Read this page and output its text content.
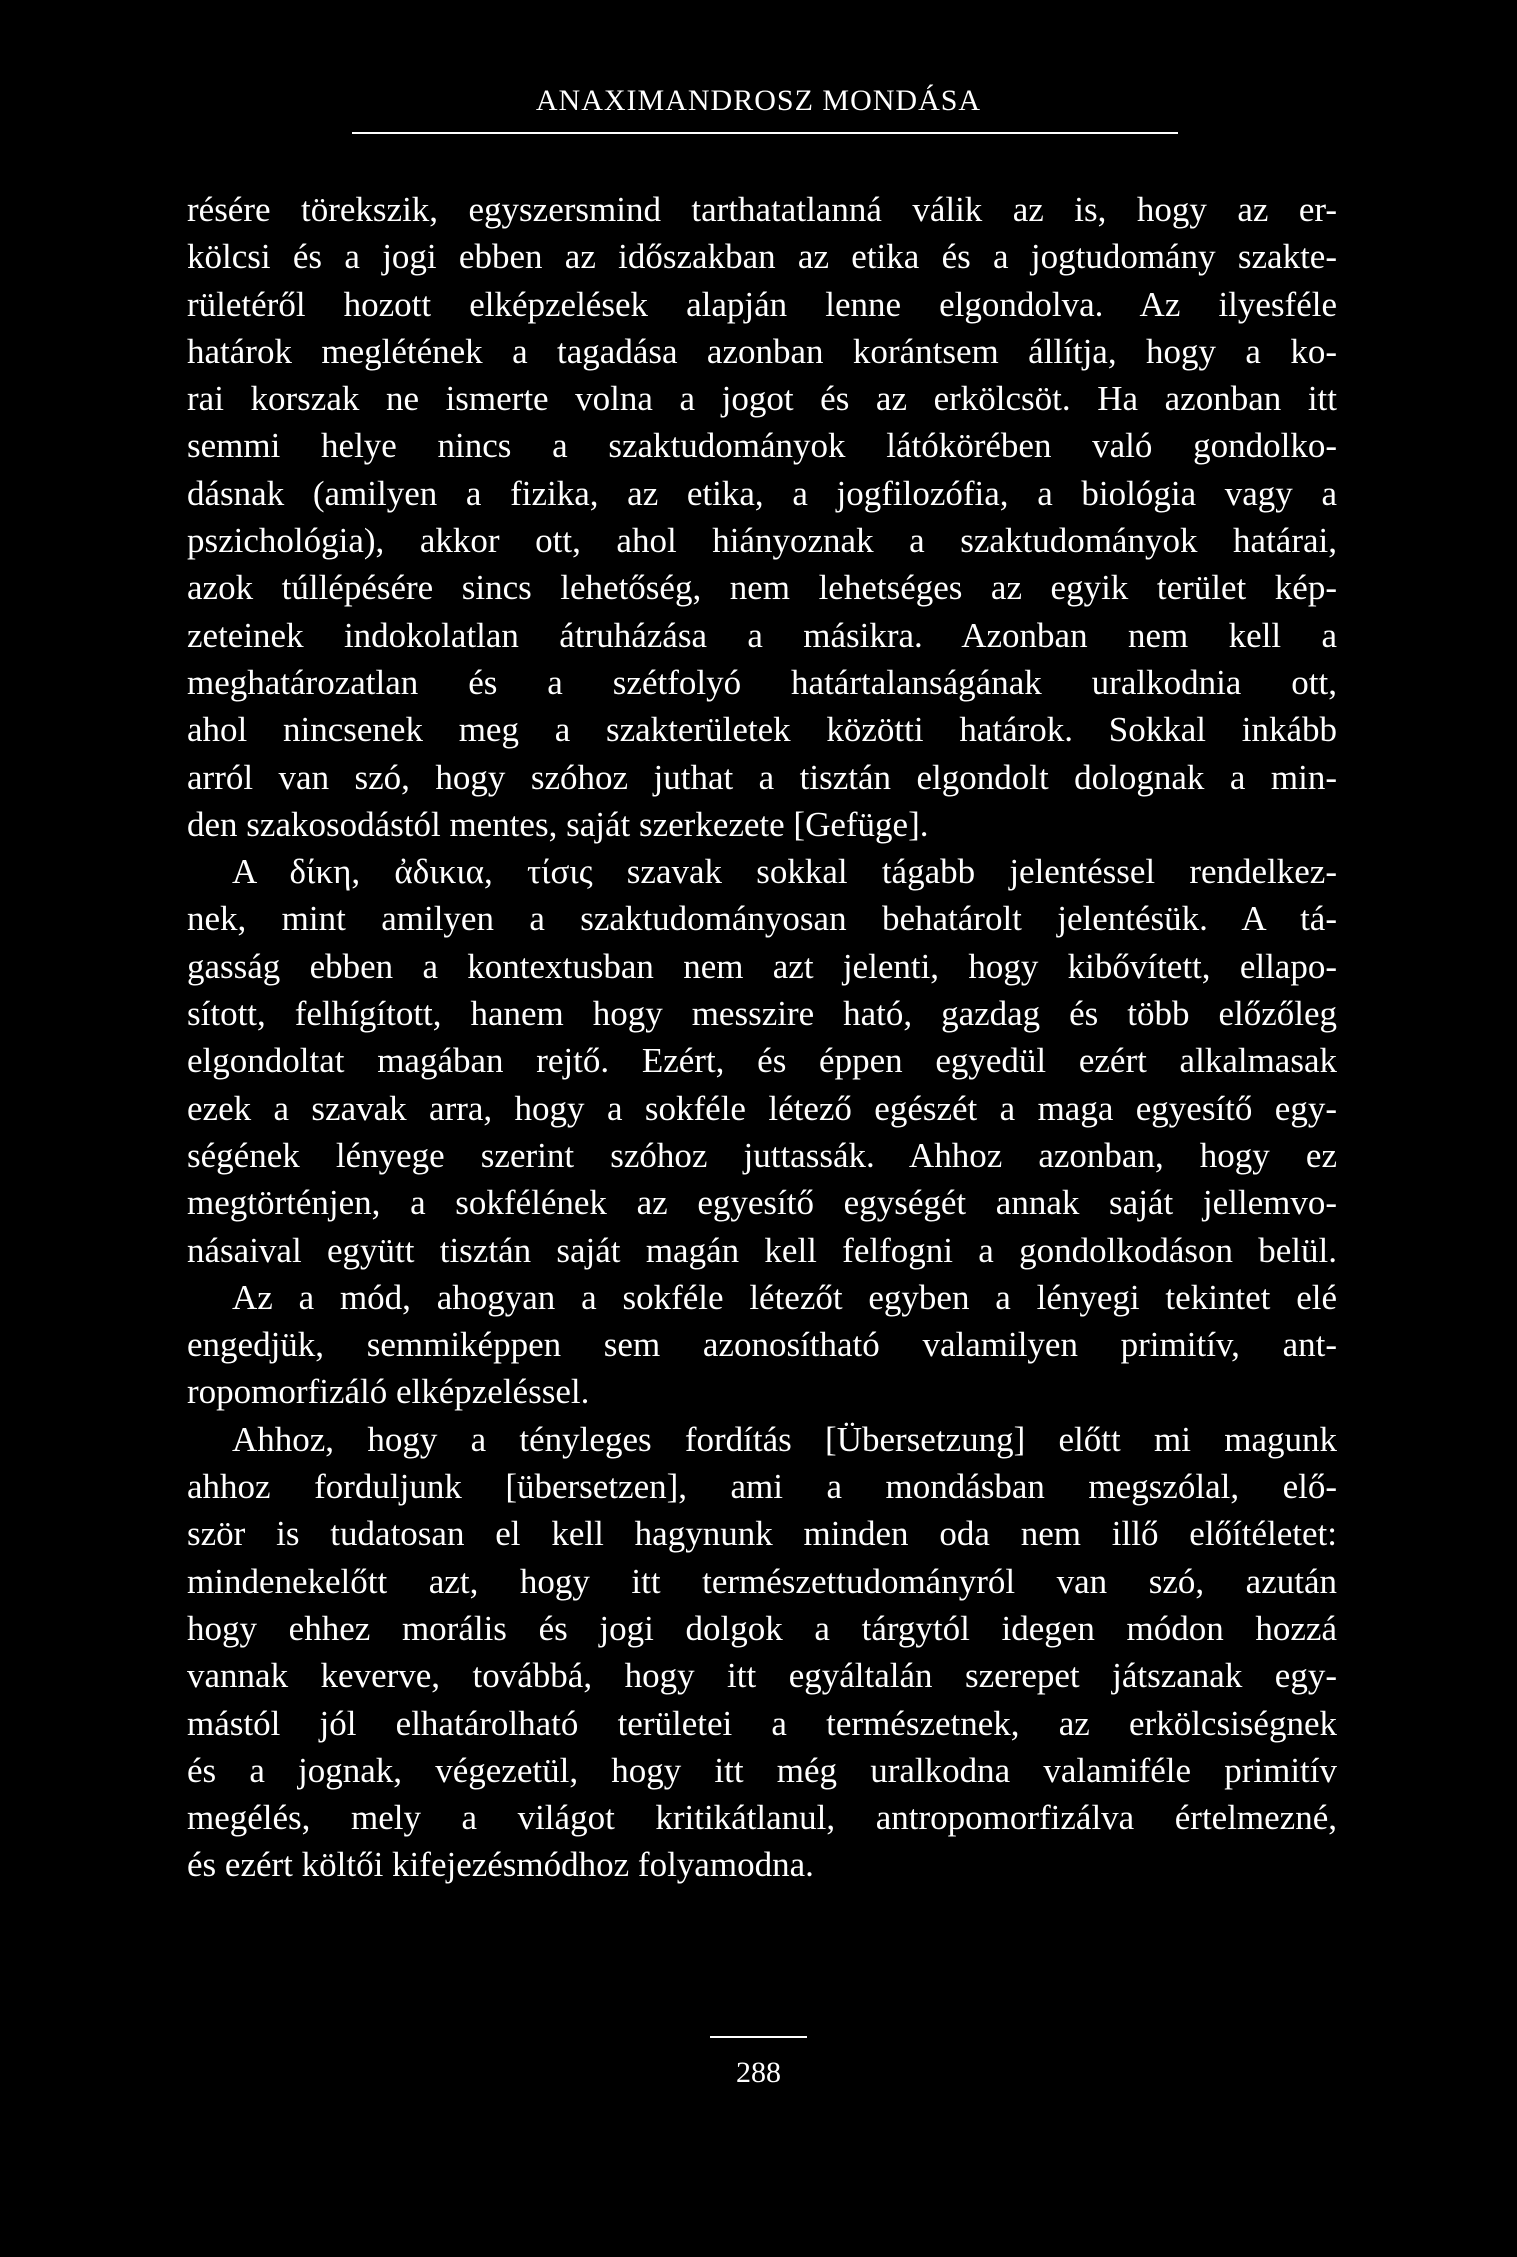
ANAXIMANDROSZ MONDÁSA
résére törekszik, egyszersmind tarthatatlanná válik az is, hogy az er-
kölcsi és a jogi ebben az időszakban az etika és a jogtudomány szakte-
rületéről hozott elképzelések alapján lenne elgondolva. Az ilyesféle
határok meglétének a tagadása azonban korántsem állítja, hogy a ko-
rai korszak ne ismerte volna a jogot és az erkölcsöt. Ha azonban itt
semmi helye nincs a szaktudományok látókörében való gondolko-
dásnak (amilyen a fizika, az etika, a jogfilozófia, a biológia vagy a
pszichológia), akkor ott, ahol hiányoznak a szaktudományok határai,
azok túllépésére sincs lehetőség, nem lehetséges az egyik terület kép-
zeteinek indokolatlan átruházása a másikra. Azonban nem kell a
meghatározatlan és a szétfolyó határtalanságának uralkodnia ott,
ahol nincsenek meg a szakterületek közötti határok. Sokkal inkább
arról van szó, hogy szóhoz juthat a tisztán elgondolt dolognak a min-
den szakosodástól mentes, saját szerkezete [Gefüge].
A δίκη, ἀδικια, τίσις szavak sokkal tágabb jelentéssel rendelkez-
nek, mint amilyen a szaktudományosan behatárolt jelentésük. A tá-
gasság ebben a kontextusban nem azt jelenti, hogy kibővített, ellapo-
sított, felhígított, hanem hogy messzire ható, gazdag és több előzőleg
elgondoltat magában rejtő. Ezért, és éppen egyedül ezért alkalmasak
ezek a szavak arra, hogy a sokféle létező egészét a maga egyesítő egy-
ségének lényege szerint szóhoz juttassák. Ahhoz azonban, hogy ez
megtörténjen, a sokfélének az egyesítő egységét annak saját jellemvo-
násaival együtt tisztán saját magán kell felfogni a gondolkodáson belül.
Az a mód, ahogyan a sokféle létezőt egyben a lényegi tekintet elé
engedjük, semmiképpen sem azonosítható valamilyen primitív, ant-
ropomorfizáló elképzeléssel.
Ahhoz, hogy a tényleges fordítás [Übersetzung] előtt mi magunk
ahhoz forduljunk [übersetzen], ami a mondásban megszólal, elő-
ször is tudatosan el kell hagynunk minden oda nem illő előítéletet:
mindenekelőtt azt, hogy itt természettudományról van szó, azután
hogy ehhez morális és jogi dolgok a tárgytól idegen módon hozzá
vannak keverve, továbbá, hogy itt egyáltalán szerepet játszanak egy-
mástól jól elhatárolható területei a természetnek, az erkölcsiségnek
és a jognak, végezetül, hogy itt még uralkodna valamiféle primitív
megélés, mely a világot kritikátlanul, antropomorfizálva értelmezné,
és ezért költői kifejezésmódhoz folyamodna.
288
